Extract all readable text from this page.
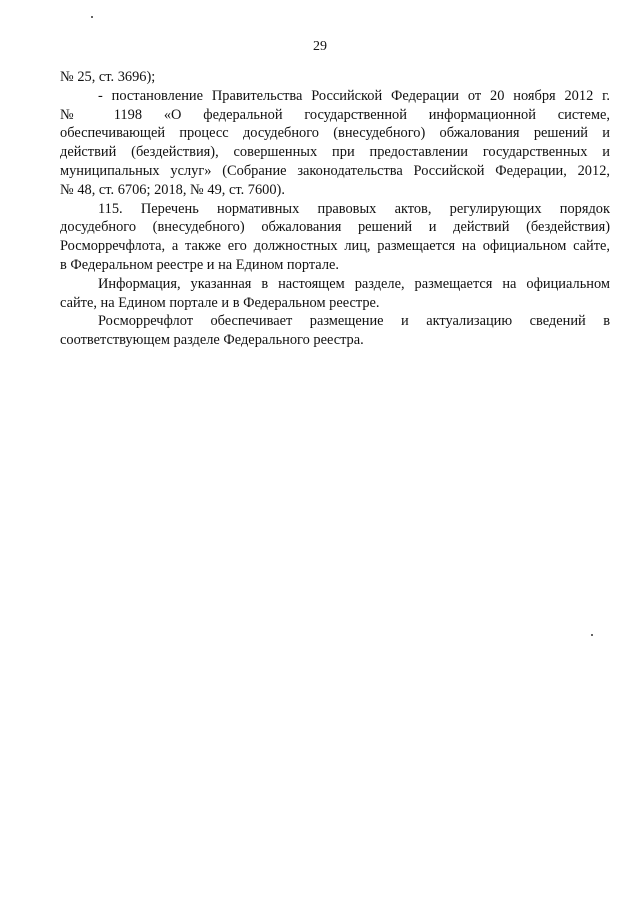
29

№ 25, ст. 3696);

- постановление Правительства Российской Федерации от 20 ноября 2012 г.
№ 1198 «О федеральной государственной информационной системе,
обеспечивающей процесс досудебного (внесудебного) обжалования решений и
действий (бездействия), совершенных при предоставлении государственных и
муниципальных услуг» (Собрание законодательства Российской Федерации, 2012,
№ 48, ст. 6706; 2018, № 49, ст. 7600).

115. Перечень нормативных правовых актов, регулирующих порядок
досудебного (внесудебного) обжалования решений и действий (бездействия)
Росморречфлота, а также его должностных лиц, размещается на официальном сайте,
в Федеральном реестре и на Едином портале.

Информация, указанная в настоящем разделе, размещается на официальном
сайте, на Едином портале и в Федеральном реестре.

Росморречфлот обеспечивает размещение и актуализацию сведений в
соответствующем разделе Федерального реестра.
